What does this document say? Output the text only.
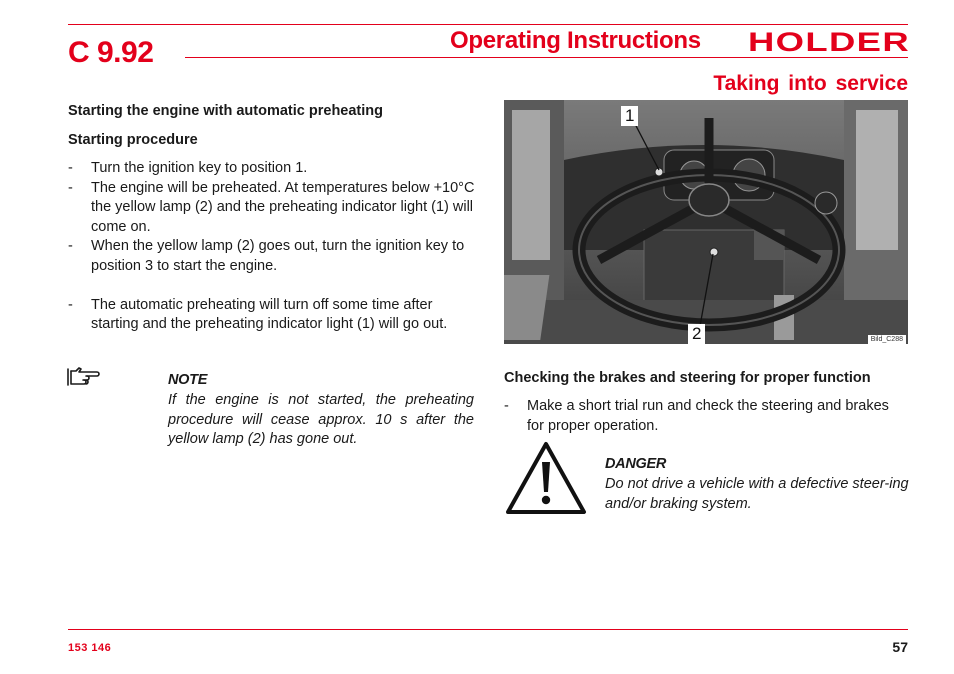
C 9.92	Operating Instructions HOLDER
Taking into service
Starting the engine with automatic preheating
Starting procedure
- Turn the ignition key to position 1.
- The engine will be preheated. At temperatures below +10°C the yellow lamp (2) and the preheating indicator light (1) will come on.
- When the yellow lamp (2) goes out, turn the ignition key to position 3 to start the engine.
- The automatic preheating will turn off some time after starting and the preheating indicator light (1) will go out.
NOTE
If the engine is not started, the preheating procedure will cease approx. 10 s after the yellow lamp (2) has gone out.
1
2	Bild_C288
Checking the brakes and steering for proper function
- Make a short trial run and check the steering and brakes for proper operation.
DANGER
Do not drive a vehicle with a defective steer-ing and/or braking system.
153 146	57
